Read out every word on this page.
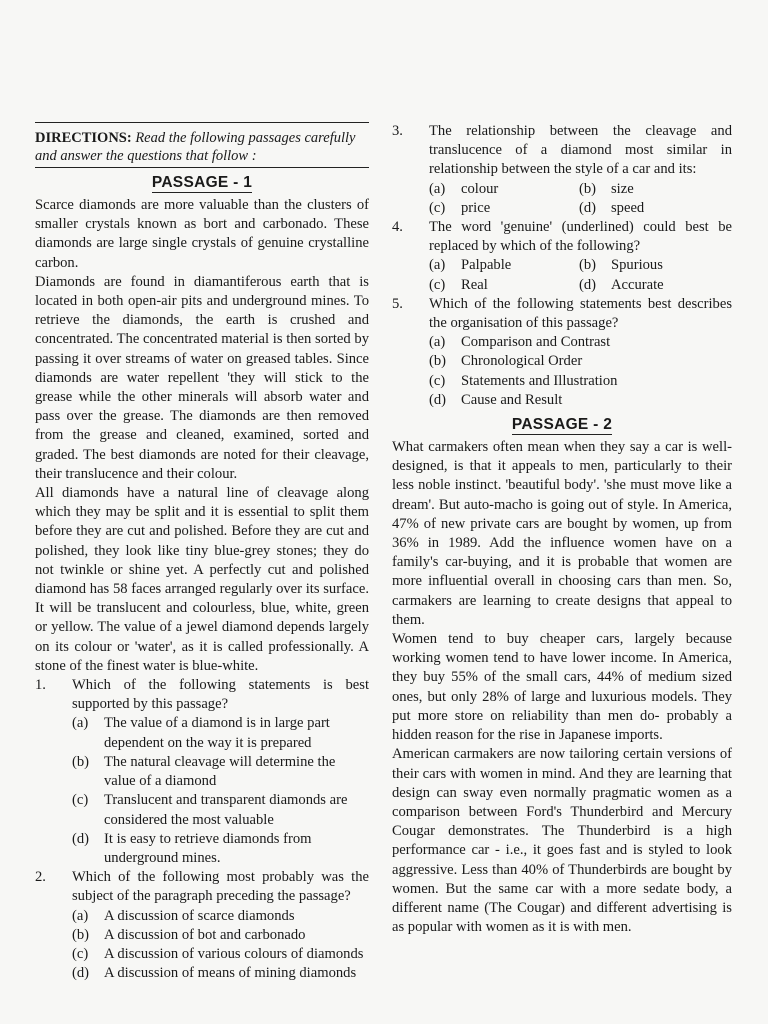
DIRECTIONS: Read the following passages carefully and answer the questions that follow :
PASSAGE - 1

Scarce diamonds are more valuable than the clusters of smaller crystals known as bort and carbonado. These diamonds are large single crystals of genuine crystalline carbon.

Diamonds are found in diamantiferous earth that is located in both open-air pits and underground mines. To retrieve the diamonds, the earth is crushed and concentrated. The concentrated material is then sorted by passing it over streams of water on greased tables. Since diamonds are water repellent 'they will stick to the grease while the other minerals will absorb water and pass over the grease. The diamonds are then removed from the grease and cleaned, examined, sorted and graded. The best diamonds are noted for their cleavage, their translucence and their colour.

All diamonds have a natural line of cleavage along which they may be split and it is essential to split them before they are cut and polished. Before they are cut and polished, they look like tiny blue-grey stones; they do not twinkle or shine yet. A perfectly cut and polished diamond has 58 faces arranged regularly over its surface. It will be translucent and colourless, blue, white, green or yellow. The value of a jewel diamond depends largely on its colour or 'water', as it is called professionally. A stone of the finest water is blue-white.

1.	Which of the following statements is best supported by this passage?
(a)	The value of a diamond is in large part dependent on the way it is prepared
(b)	The natural cleavage will determine the value of a diamond
(c)	Translucent and transparent diamonds are considered the most valuable
(d)	It is easy to retrieve diamonds from underground mines.
2.	Which of the following most probably was the subject of the paragraph preceding the passage?
(a)	A discussion of scarce diamonds
(b)	A discussion of bot and carbonado
(c)	A discussion of various colours of diamonds
(d)	A discussion of means of mining diamonds
3.	The relationship between the cleavage and translucence of a diamond most similar in relationship between the style of a car and its:
(a)	colour	(b)	size
(c)	price	(d)	speed
4.	The word 'genuine' (underlined) could best be replaced by which of the following?
(a)	Palpable	(b)	Spurious
(c)	Real	(d)	Accurate
5.	Which of the following statements best describes the organisation of this passage?
(a)	Comparison and Contrast
(b)	Chronological Order
(c)	Statements and Illustration
(d)	Cause and Result
PASSAGE - 2

What carmakers often mean when they say a car is well-designed, is that it appeals to men, particularly to their less noble instinct. 'beautiful body'. 'she must move like a dream'. But auto-macho is going out of style. In America, 47% of new private cars are bought by women, up from 36% in 1989. Add the influence women have on a family's car-buying, and it is probable that women are more influential overall in choosing cars than men. So, carmakers are learning to create designs that appeal to them.

Women tend to buy cheaper cars, largely because working women tend to have lower income. In America, they buy 55% of the small cars, 44% of medium sized ones, but only 28% of large and luxurious models. They put more store on reliability than men do- probably a hidden reason for the rise in Japanese imports.

American carmakers are now tailoring certain versions of their cars with women in mind. And they are learning that design can sway even normally pragmatic women as a comparison between Ford's Thunderbird and Mercury Cougar demonstrates. The Thunderbird is a high performance car - i.e., it goes fast and is styled to look aggressive. Less than 40% of Thunderbirds are bought by women. But the same car with a more sedate body, a different name (The Cougar) and different advertising is as popular with women as it is with men.
